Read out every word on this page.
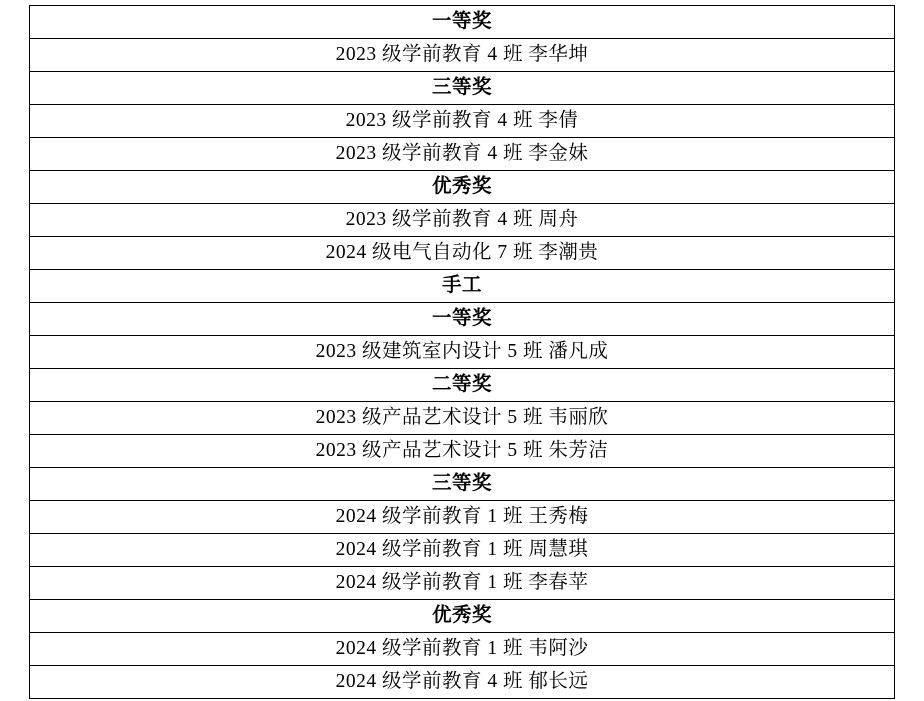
一等奖
2023 级学前教育 4 班 李华坤
三等奖
2023 级学前教育 4 班 李倩
2023 级学前教育 4 班 李金妹
优秀奖
2023 级学前教育 4 班 周舟
2024 级电气自动化 7 班 李潮贵
手工
一等奖
2023 级建筑室内设计 5 班 潘凡成
二等奖
2023 级产品艺术设计 5 班 韦丽欣
2023 级产品艺术设计 5 班 朱芳洁
三等奖
2024 级学前教育 1 班 王秀梅
2024 级学前教育 1 班 周慧琪
2024 级学前教育 1 班 李春苹
优秀奖
2024 级学前教育 1 班 韦阿沙
2024 级学前教育 4 班 郁长远
